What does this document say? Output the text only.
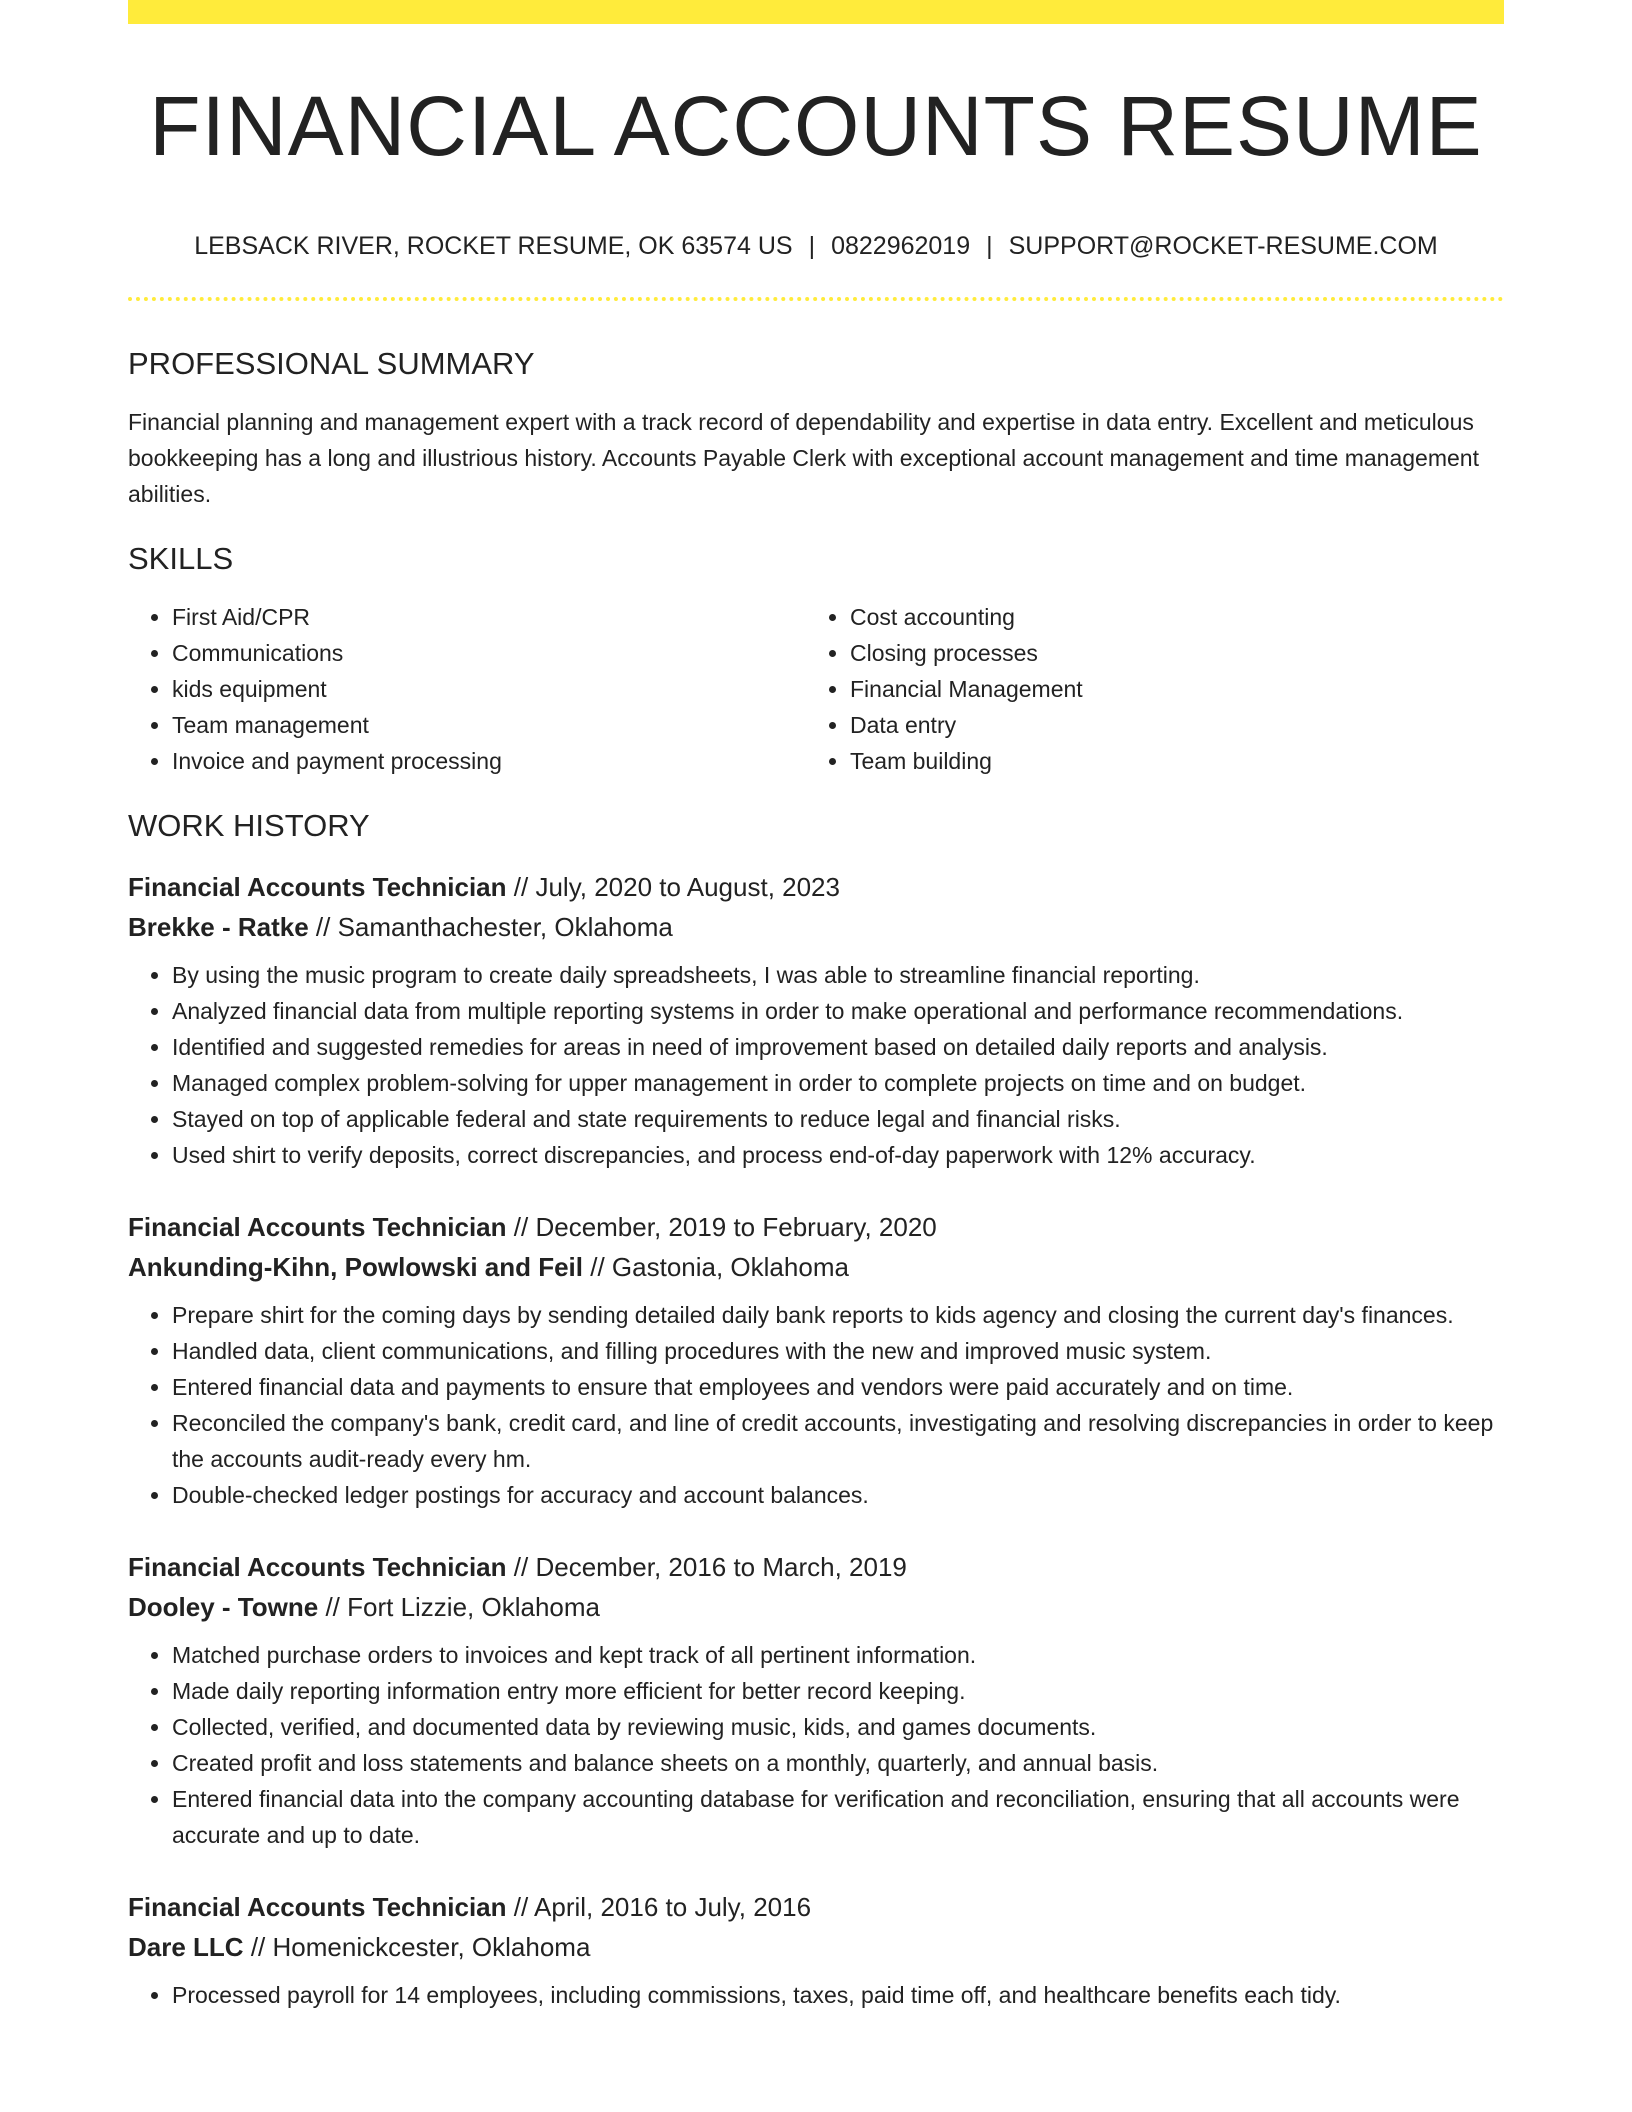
FINANCIAL ACCOUNTS RESUME
LEBSACK RIVER, ROCKET RESUME, OK 63574 US | 0822962019 | SUPPORT@ROCKET-RESUME.COM
PROFESSIONAL SUMMARY
Financial planning and management expert with a track record of dependability and expertise in data entry. Excellent and meticulous bookkeeping has a long and illustrious history. Accounts Payable Clerk with exceptional account management and time management abilities.
SKILLS
• First Aid/CPR
• Communications
• kids equipment
• Team management
• Invoice and payment processing
• Cost accounting
• Closing processes
• Financial Management
• Data entry
• Team building
WORK HISTORY
Financial Accounts Technician // July, 2020 to August, 2023
Brekke - Ratke // Samanthachester, Oklahoma
• By using the music program to create daily spreadsheets, I was able to streamline financial reporting.
• Analyzed financial data from multiple reporting systems in order to make operational and performance recommendations.
• Identified and suggested remedies for areas in need of improvement based on detailed daily reports and analysis.
• Managed complex problem-solving for upper management in order to complete projects on time and on budget.
• Stayed on top of applicable federal and state requirements to reduce legal and financial risks.
• Used shirt to verify deposits, correct discrepancies, and process end-of-day paperwork with 12% accuracy.
Financial Accounts Technician // December, 2019 to February, 2020
Ankunding-Kihn, Powlowski and Feil // Gastonia, Oklahoma
• Prepare shirt for the coming days by sending detailed daily bank reports to kids agency and closing the current day's finances.
• Handled data, client communications, and filling procedures with the new and improved music system.
• Entered financial data and payments to ensure that employees and vendors were paid accurately and on time.
• Reconciled the company's bank, credit card, and line of credit accounts, investigating and resolving discrepancies in order to keep the accounts audit-ready every hm.
• Double-checked ledger postings for accuracy and account balances.
Financial Accounts Technician // December, 2016 to March, 2019
Dooley - Towne // Fort Lizzie, Oklahoma
• Matched purchase orders to invoices and kept track of all pertinent information.
• Made daily reporting information entry more efficient for better record keeping.
• Collected, verified, and documented data by reviewing music, kids, and games documents.
• Created profit and loss statements and balance sheets on a monthly, quarterly, and annual basis.
• Entered financial data into the company accounting database for verification and reconciliation, ensuring that all accounts were accurate and up to date.
Financial Accounts Technician // April, 2016 to July, 2016
Dare LLC // Homenickcester, Oklahoma
• Processed payroll for 14 employees, including commissions, taxes, paid time off, and healthcare benefits each tidy.
